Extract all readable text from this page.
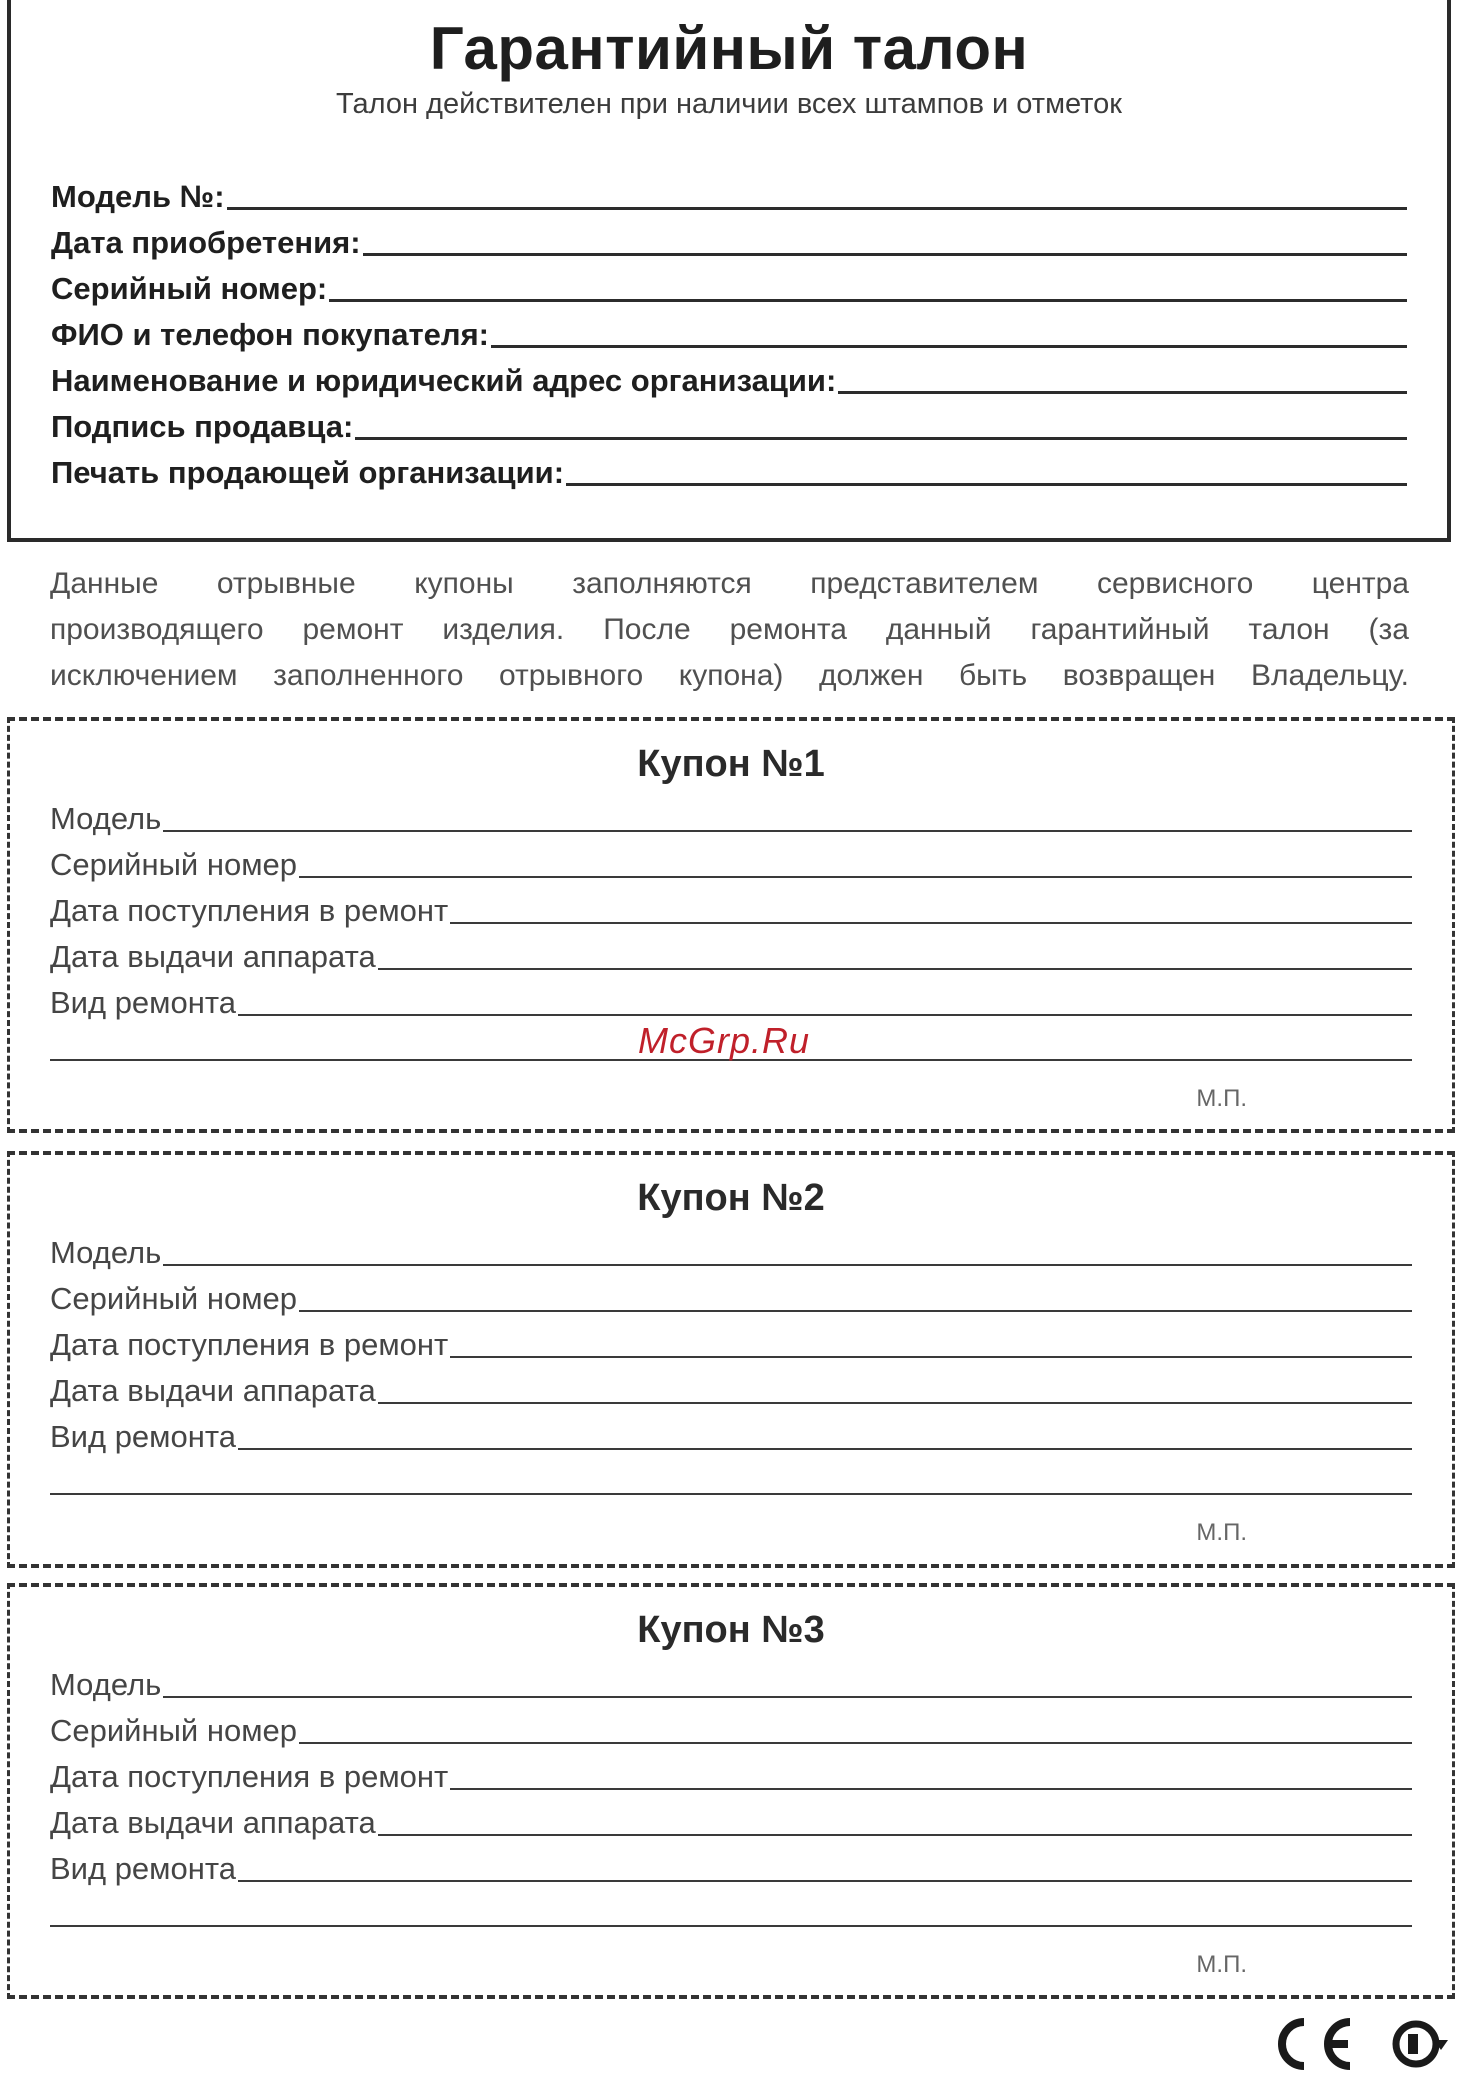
Гарантийный талон
Талон действителен при наличии всех штампов и отметок
Модель №:
Дата приобретения:
Серийный номер:
ФИО и телефон покупателя:
Наименование и юридический адрес организации:
Подпись продавца:
Печать продающей организации:
Данные отрывные купоны заполняются представителем сервисного центра
производящего ремонт изделия. После ремонта данный гарантийный талон (за
исключением заполненного отрывного купона) должен быть возвращен Владельцу.
Купон №1
Модель
Серийный номер
Дата поступления в ремонт
Дата выдачи аппарата
Вид ремонта
М.П.
Купон №2
Модель
Серийный номер
Дата поступления в ремонт
Дата выдачи аппарата
Вид ремонта
М.П.
Купон №3
Модель
Серийный номер
Дата поступления в ремонт
Дата выдачи аппарата
Вид ремонта
М.П.
McGrp.Ru
